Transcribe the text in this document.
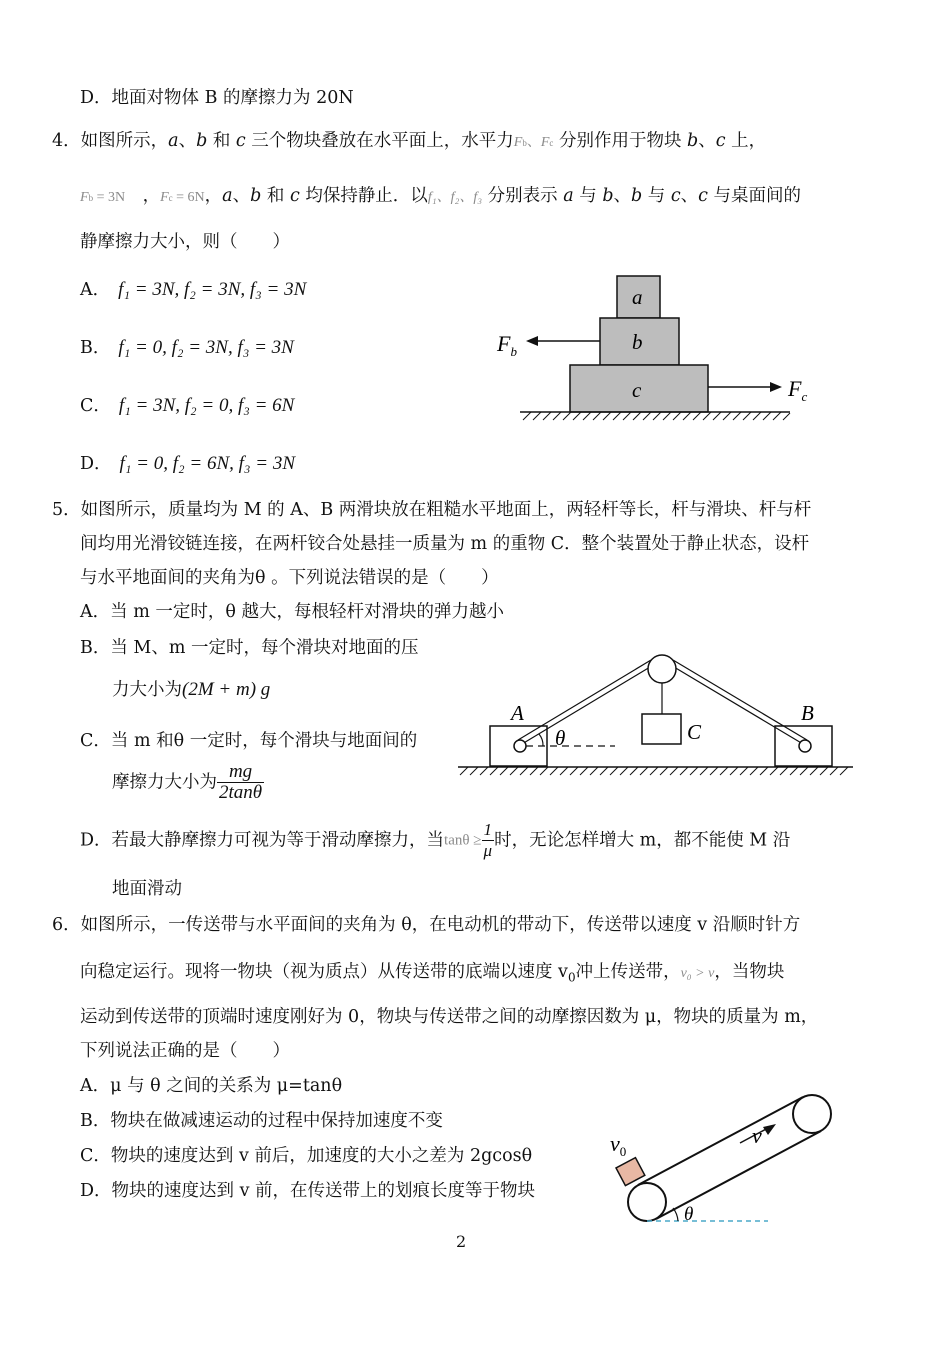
D．地面对物体 B 的摩擦力为 20N
4．如图所示，a、b 和 c 三个物块叠放在水平面上，水平力Fb、Fc 分别作用于物块 b、c 上，
Fb = 3N　，Fc = 6N，a、b 和 c 均保持静止．以f₁、f₂、f₃ 分别表示 a 与 b、b 与 c、c 与桌面间的
静摩擦力大小，则（　　）
A． f₁ = 3N, f₂ = 3N, f₃ = 3N
B． f₁ = 0, f₂ = 3N, f₃ = 3N
C． f₁ = 3N, f₂ = 0, f₃ = 6N
D． f₁ = 0, f₂ = 6N, f₃ = 3N
a
b
c
$F_b$
$F_c$
5．如图所示，质量均为 M 的 A、B 两滑块放在粗糙水平地面上，两轻杆等长，杆与滑块、杆与杆
间均用光滑铰链连接，在两杆铰合处悬挂一质量为 m 的重物 C．整个装置处于静止状态，设杆
与水平地面间的夹角为θ 。下列说法错误的是（　　）
A．当 m 一定时，θ 越大，每根轻杆对滑块的弹力越小
B．当 M、m 一定时，每个滑块对地面的压
力大小为(2M + m) g
C．当 m 和θ 一定时，每个滑块与地面间的
摩擦力大小为 $\frac{mg}{2\tan\theta}$
D．若最大静摩擦力可视为等于滑动摩擦力，当$\tan\theta \ge \frac{1}{\mu}$ 时，无论怎样增大 m，都不能使 M 沿
地面滑动
A	B
C
θ
6．如图所示，一传送带与水平面间的夹角为 θ，在电动机的带动下，传送带以速度 v 沿顺时针方
向稳定运行。现将一物块（视为质点）从传送带的底端以速度 $v_0$冲上传送带，v₀ > v，当物块
运动到传送带的顶端时速度刚好为 0，物块与传送带之间的动摩擦因数为 μ，物块的质量为 m，
下列说法正确的是（　　）
A．μ 与 θ 之间的关系为 μ=tanθ
B．物块在做减速运动的过程中保持加速度不变
C．物块的速度达到 v 前后，加速度的大小之差为 2gcosθ
D．物块的速度达到 v 前，在传送带上的划痕长度等于物块
θ
$v_0$
v
2
